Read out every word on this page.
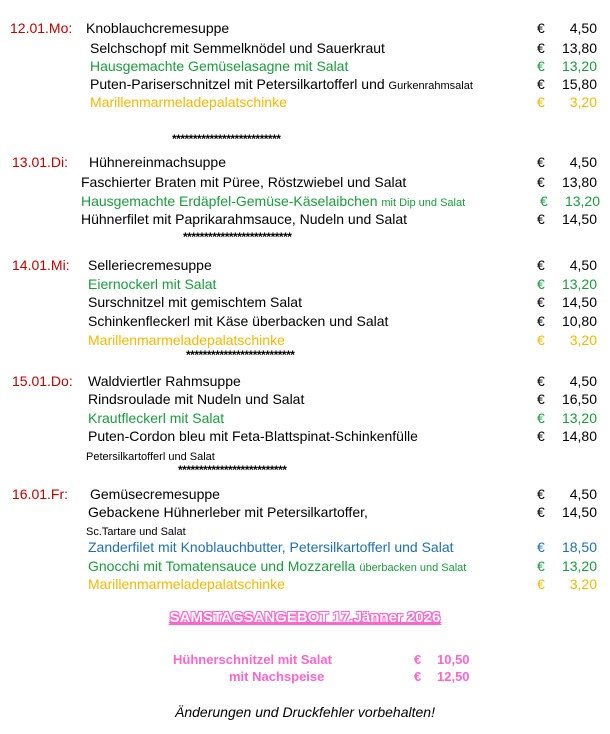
12.01.Mo: Knoblauchcremesuppe	€ 4,50
Selchschopf mit Semmelknödel und Sauerkraut	€ 13,80
Hausgemachte Gemüselasagne mit Salat	€ 13,20
Puten-Pariserschnitzel mit Petersilkartofferl und Gurkenrahmsalat	€ 15,80
Marillenmarmeladepalatschinke	€ 3,20
13.01.Di: Hühnereinmachsuppe	€ 4,50
Faschierter Braten mit Püree, Röstzwiebel und Salat	€ 13,80
Hausgemachte Erdäpfel-Gemüse-Käselaibchen mit Dip und Salat	€ 13,20
Hühnerfilet mit Paprikarahmsauce, Nudeln und Salat	€ 14,50
14.01.Mi: Selleriecremesuppe	€ 4,50
Eiernockerl mit Salat	€ 13,20
Surschnitzel mit gemischtem Salat	€ 14,50
Schinkenfleckerl mit Käse überbacken und Salat	€ 10,80
Marillenmarmeladepalatschinke	€ 3,20
15.01.Do: Waldviertler Rahmsuppe	€ 4,50
Rindsroulade mit Nudeln und Salat	€ 16,50
Krautfleckerl mit Salat	€ 13,20
Puten-Cordon bleu mit Feta-Blattspinat-Schinkenfülle	€ 14,80
Petersilkartofferl und Salat
16.01.Fr: Gemüsecremesuppe	€ 4,50
Gebackene Hühnerleber mit Petersilkartoffer,	€ 14,50
Sc.Tartare und Salat
Zanderfilet mit Knoblauchbutter, Petersilkartofferl und Salat	€ 18,50
Gnocchi mit Tomatensauce und Mozzarella überbacken und Salat	€ 13,20
Marillenmarmeladepalatschinke	€ 3,20
**************************
**************************
**************************
**************************
SAMSTAGSANGEBOT 17.Jänner 2026
Hühnerschnitzel mit Salat	€ 10,50
mit Nachspeise	€ 12,50
Änderungen und Druckfehler vorbehalten!
